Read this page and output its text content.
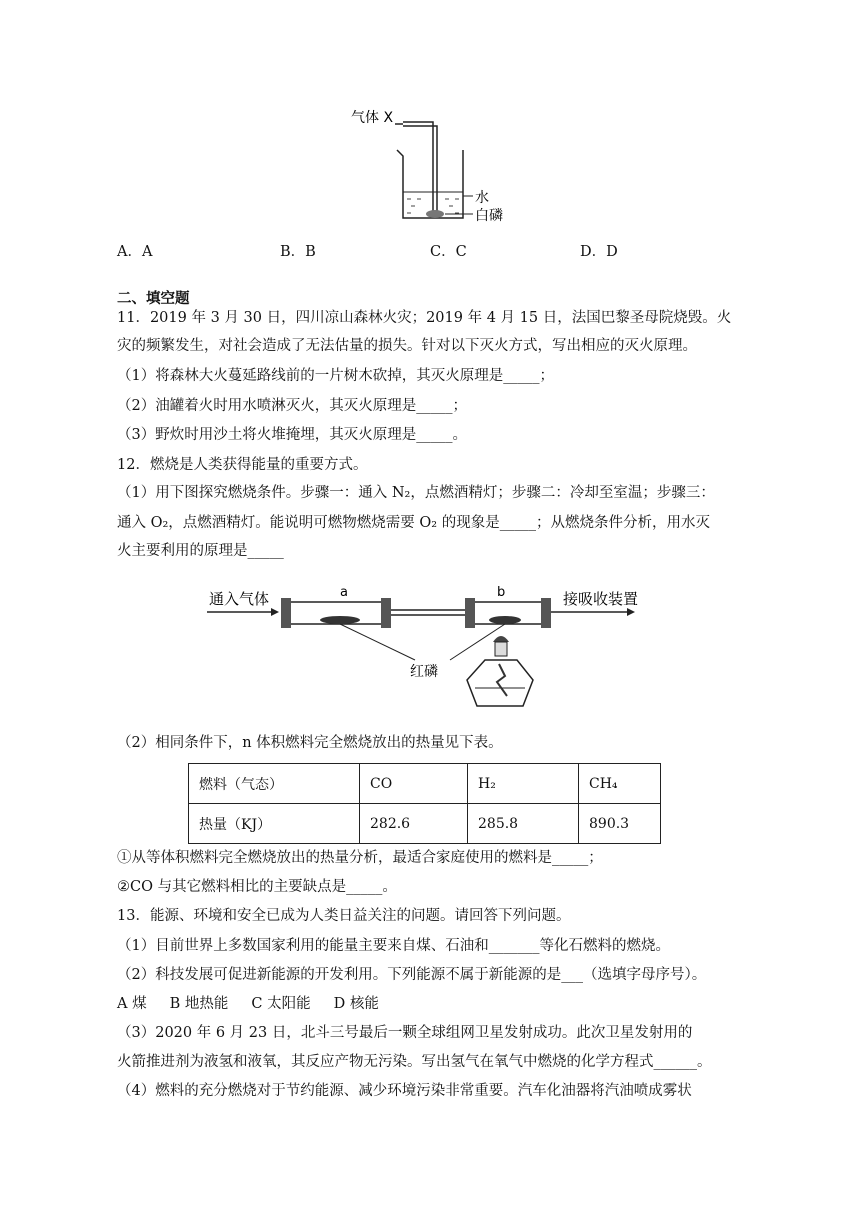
气体 X
水
白磷
A．A	B．B	C．C	D．D
二、填空题
11．2019 年 3 月 30 日，四川凉山森林火灾；2019 年 4 月 15 日，法国巴黎圣母院烧毁。火
灾的频繁发生，对社会造成了无法估量的损失。针对以下灭火方式，写出相应的灭火原理。
（1）将森林大火蔓延路线前的一片树木砍掉，其灭火原理是_____；
（2）油罐着火时用水喷淋灭火，其灭火原理是_____；
（3）野炊时用沙土将火堆掩埋，其灭火原理是_____。
12．燃烧是人类获得能量的重要方式。
（1）用下图探究燃烧条件。步骤一：通入 N₂，点燃酒精灯；步骤二：冷却至室温；步骤三：
通入 O₂，点燃酒精灯。能说明可燃物燃烧需要 O₂ 的现象是_____；从燃烧条件分析，用水灭
火主要利用的原理是_____
通入气体	a	b	接吸收装置
红磷
（2）相同条件下，n 体积燃料完全燃烧放出的热量见下表。
燃料（气态）	CO	H₂	CH₄
热量（KJ）	282.6	285.8	890.3
①从等体积燃料完全燃烧放出的热量分析，最适合家庭使用的燃料是_____；
②CO 与其它燃料相比的主要缺点是_____。
13．能源、环境和安全已成为人类日益关注的问题。请回答下列问题。
（1）目前世界上多数国家利用的能量主要来自煤、石油和_______等化石燃料的燃烧。
（2）科技发展可促进新能源的开发利用。下列能源不属于新能源的是___（选填字母序号）。
A 煤     B 地热能     C 太阳能     D 核能
（3）2020 年 6 月 23 日，北斗三号最后一颗全球组网卫星发射成功。此次卫星发射用的
火箭推进剂为液氢和液氧，其反应产物无污染。写出氢气在氧气中燃烧的化学方程式______。
（4）燃料的充分燃烧对于节约能源、减少环境污染非常重要。汽车化油器将汽油喷成雾状
